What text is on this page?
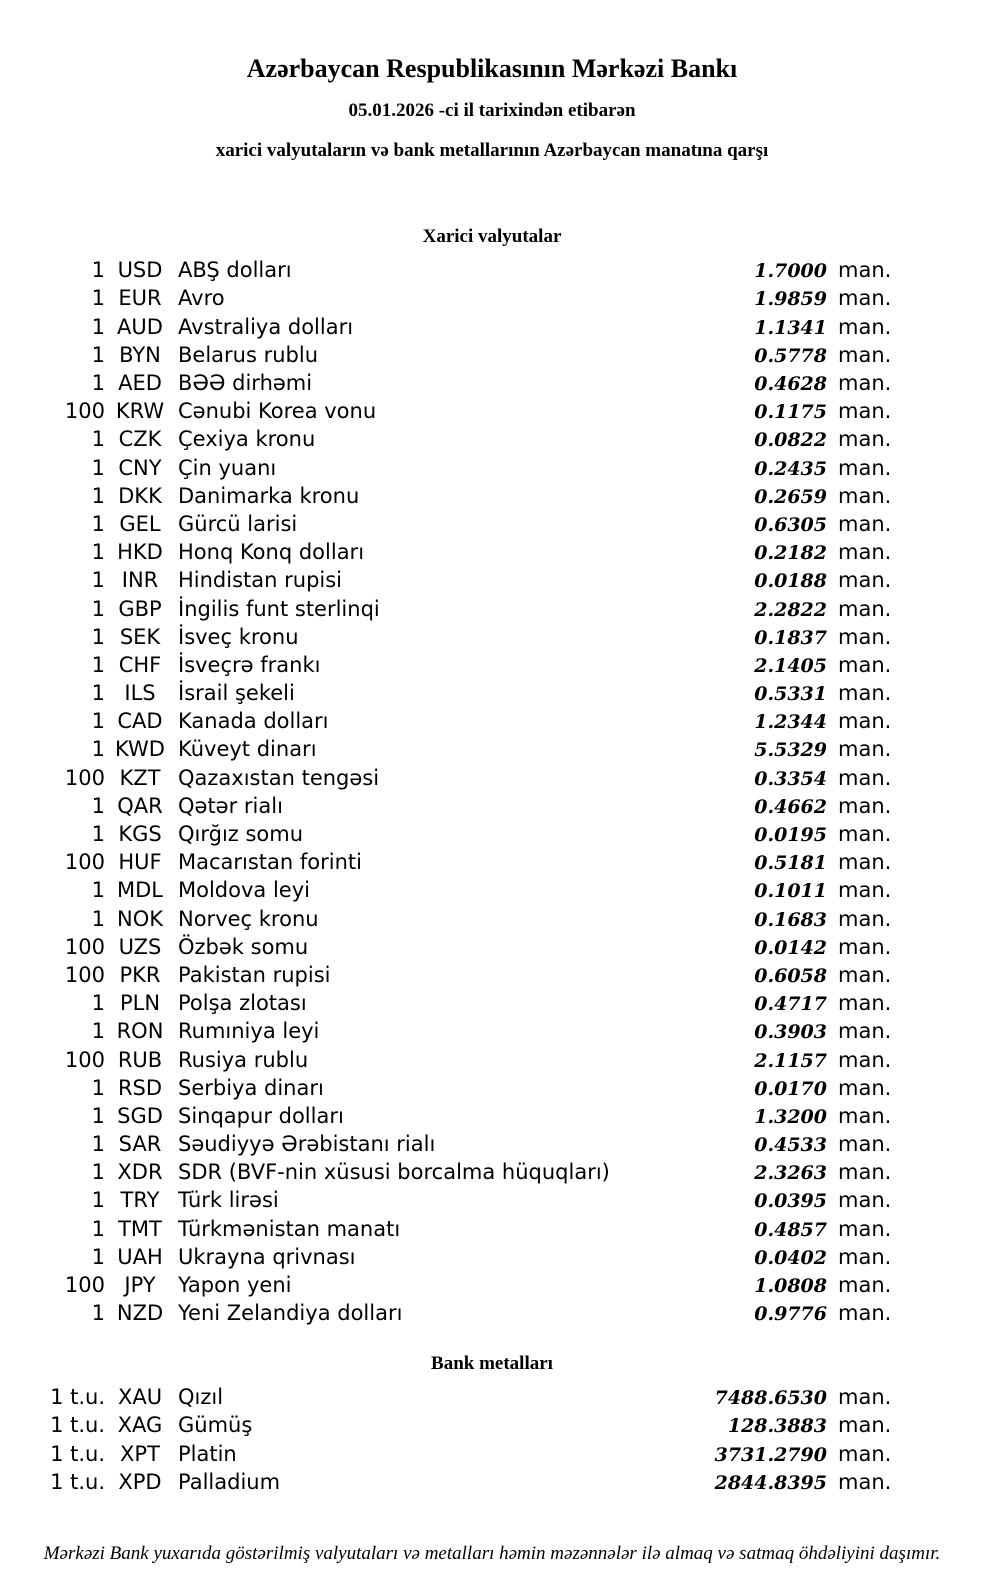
Azərbaycan Respublikasının Mərkəzi Bankı
05.01.2026 -ci il tarixindən etibarən
xarici valyutaların və bank metallarının Azərbaycan manatına qarşı
Xarici valyutalar
1 USD ABŞ dolları	1.7000 man.
1 EUR Avro	1.9859 man.
1 AUD Avstraliya dolları	1.1341 man.
1 BYN Belarus rublu	0.5778 man.
1 AED BƏƏ dirhəmi	0.4628 man.
100 KRW Cənubi Korea vonu	0.1175 man.
1 CZK Çexiya kronu	0.0822 man.
1 CNY Çin yuanı	0.2435 man.
1 DKK Danimarka kronu	0.2659 man.
1 GEL Gürcü larisi	0.6305 man.
1 HKD Honq Konq dolları	0.2182 man.
1 INR Hindistan rupisi	0.0188 man.
1 GBP İngilis funt sterlinqi	2.2822 man.
1 SEK İsveç kronu	0.1837 man.
1 CHF İsveçrə frankı	2.1405 man.
1 ILS	İsrail şekeli	0.5331 man.
1 CAD Kanada dolları	1.2344 man.
1 KWD Küveyt dinarı	5.5329 man.
100 KZT Qazaxıstan tengəsi	0.3354 man.
1 QAR Qətər rialı	0.4662 man.
1 KGS Qırğız somu	0.0195 man.
100 HUF Macarıstan forinti	0.5181 man.
1 MDL Moldova leyi	0.1011 man.
1 NOK Norveç kronu	0.1683 man.
100 UZS Özbək somu	0.0142 man.
100 PKR Pakistan rupisi	0.6058 man.
1 PLN Polşa zlotası	0.4717 man.
1 RON Rumıniya leyi	0.3903 man.
100 RUB Rusiya rublu	2.1157 man.
1 RSD Serbiya dinarı	0.0170 man.
1 SGD Sinqapur dolları	1.3200 man.
1 SAR Səudiyyə Ərəbistanı rialı	0.4533 man.
1 XDR SDR (BVF-nin xüsusi borcalma hüquqları)	2.3263 man.
1 TRY Türk lirəsi	0.0395 man.
1 TMT Türkmənistan manatı	0.4857 man.
1 UAH Ukrayna qrivnası	0.0402 man.
100 JPY	Yapon yeni	1.0808 man.
1 NZD Yeni Zelandiya dolları	0.9776 man.
Bank metalları
1 t.u. XAU Qızıl	7488.6530 man.
1 t.u. XAG Gümüş	128.3883 man.
1 t.u. XPT Platin	3731.2790 man.
1 t.u. XPD Palladium	2844.8395 man.
Mərkəzi Bank yuxarıda göstərilmiş valyutaları və metalları həmin məzənnələr ilə almaq və satmaq öhdəliyini daşımır.
